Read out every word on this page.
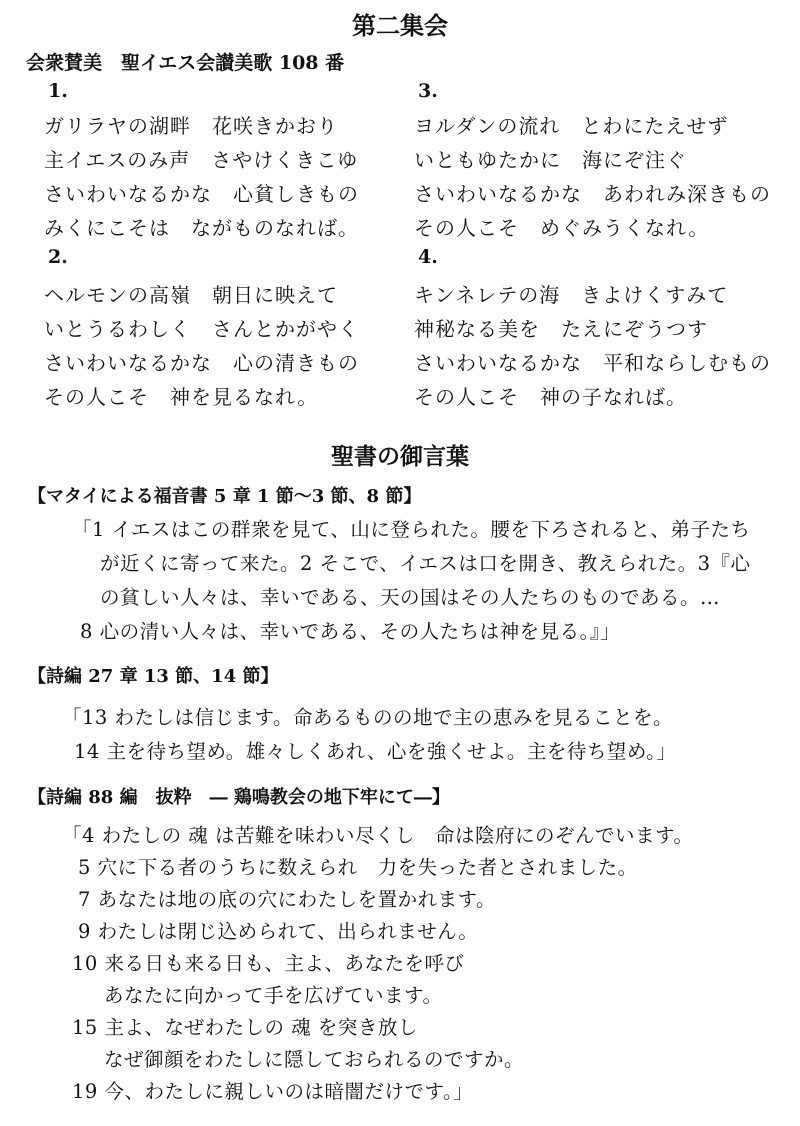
第二集会
会衆賛美　聖イエス会讃美歌 108 番
1.
ガリラヤの湖畔　花咲きかおり
主イエスのみ声　さやけくきこゆ
さいわいなるかな　心貧しきもの
みくにこそは　ながものなれば。
2.
ヘルモンの高嶺　朝日に映えて
いとうるわしく　さんとかがやく
さいわいなるかな　心の清きもの
その人こそ　神を見るなれ。
3.
ヨルダンの流れ　とわにたえせず
いともゆたかに　海にぞ注ぐ
さいわいなるかな　あわれみ深きもの
その人こそ　めぐみうくなれ。
4.
キンネレテの海　きよけくすみて
神秘なる美を　たえにぞうつす
さいわいなるかな　平和ならしむもの
その人こそ　神の子なれば。
聖書の御言葉
【マタイによる福音書 5 章 1 節～3 節、8 節】
「1 イエスはこの群衆を見て、山に登られた。腰を下ろされると、弟子たち
が近くに寄って来た。2 そこで、イエスは口を開き、教えられた。3『心
の貧しい人々は、幸いである、天の国はその人たちのものである。…
8 心の清い人々は、幸いである、その人たちは神を見る。』」
【詩編 27 章 13 節、14 節】
「13 わたしは信じます。命あるものの地で主の恵みを見ることを。
14 主を待ち望め。雄々しくあれ、心を強くせよ。主を待ち望め。」
【詩編 88 編　抜粋　― 鶏鳴教会の地下牢にて―】
「4 わたしの 魂 は苦難を味わい尽くし　命は陰府にのぞんでいます。
5 穴に下る者のうちに数えられ　力を失った者とされました。
7 あなたは地の底の穴にわたしを置かれます。
9 わたしは閉じ込められて、出られません。
10 来る日も来る日も、主よ、あなたを呼び
あなたに向かって手を広げています。
15 主よ、なぜわたしの 魂 を突き放し
なぜ御顔をわたしに隠しておられるのですか。
19 今、わたしに親しいのは暗闇だけです。」
